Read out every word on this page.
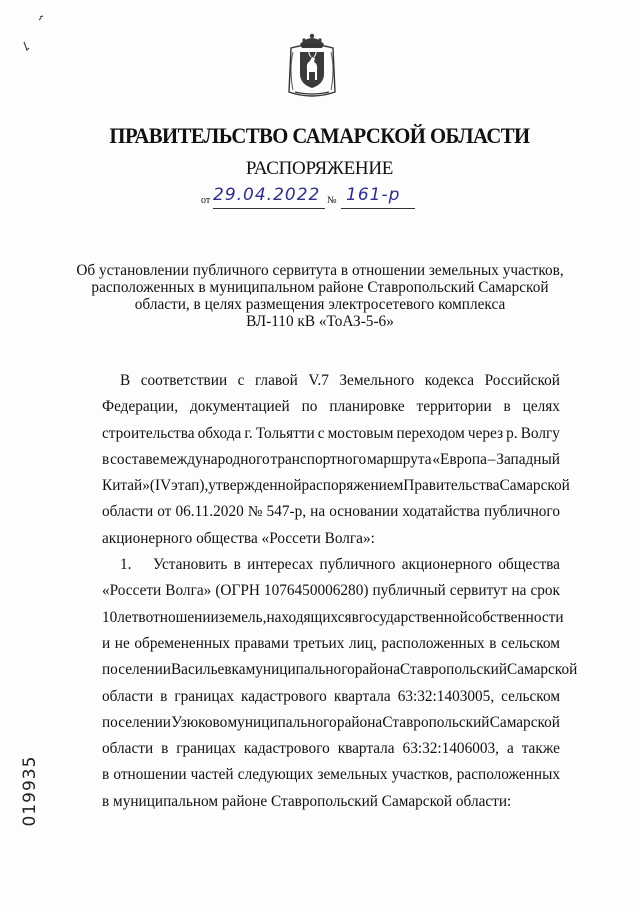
ПРАВИТЕЛЬСТВО САМАРСКОЙ ОБЛАСТИ
РАСПОРЯЖЕНИЕ
от 29.04.2022 № 161-р
Об установлении публичного сервитута в отношении земельных участков,
расположенных в муниципальном районе Ставропольский Самарской
области, в целях размещения электросетевого комплекса
ВЛ-110 кВ «ТоАЗ-5-6»
В соответствии с главой V.7 Земельного кодекса Российской
Федерации, документацией по планировке территории в целях
строительства обхода г. Тольятти с мостовым переходом через р. Волгу
в составе международного транспортного маршрута «Европа – Западный
Китай» (IV этап), утвержденной распоряжением Правительства Самарской
области от 06.11.2020 № 547-р, на основании ходатайства публичного
акционерного общества «Россети Волга»:
1.	Установить в интересах публичного акционерного общества
«Россети Волга» (ОГРН 1076450006280) публичный сервитут на срок
10 лет в отношении земель, находящихся в государственной собственности
и не обремененных правами третьих лиц, расположенных в сельском
поселении Васильевка муниципального района Ставропольский Самарской
области в границах кадастрового квартала 63:32:1403005, сельском
поселении Узюково муниципального района Ставропольский Самарской
области в границах кадастрового квартала 63:32:1406003, а также
в отношении частей следующих земельных участков, расположенных
в муниципальном районе Ставропольский Самарской области:
019935
